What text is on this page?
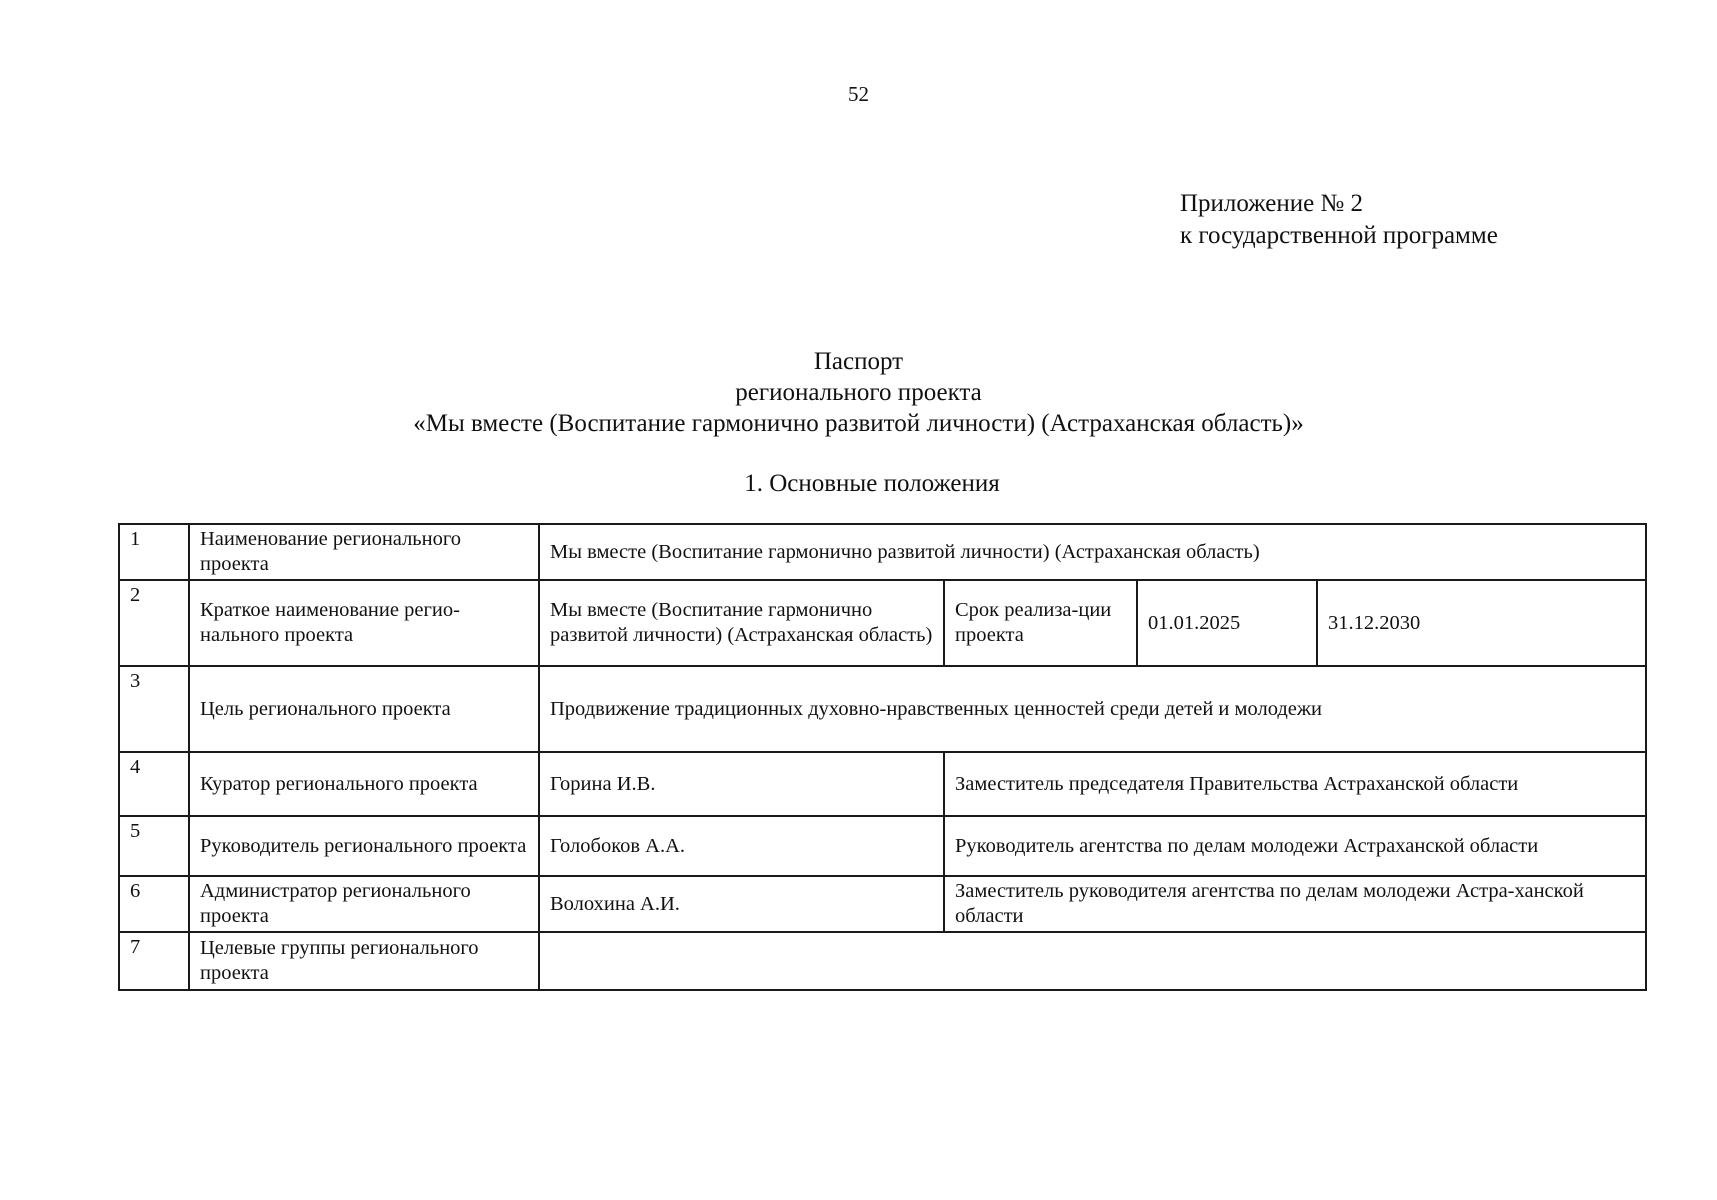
52
Приложение № 2
к государственной программе
Паспорт
регионального проекта
«Мы вместе (Воспитание гармонично развитой личности) (Астраханская область)»
1. Основные положения
1	Наименование регионального проекта	Мы вместе (Воспитание гармонично развитой личности) (Астраханская область)			
2	Краткое наименование регио-нального проекта	Мы вместе (Воспитание гармонично развитой личности) (Астраханская область)	Срок реализа-ции проекта	01.01.2025	31.12.2030
3	Цель регионального проекта	Продвижение традиционных духовно-нравственных ценностей среди детей и молодежи			
4	Куратор регионального проекта	Горина И.В.	Заместитель председателя Правительства Астраханской области		
5	Руководитель регионального проекта	Голобоков А.А.	Руководитель агентства по делам молодежи Астраханской области		
6	Администратор регионального проекта	Волохина А.И.	Заместитель руководителя агентства по делам молодежи Астра-ханской области		
7	Целевые группы регионального проекта				
